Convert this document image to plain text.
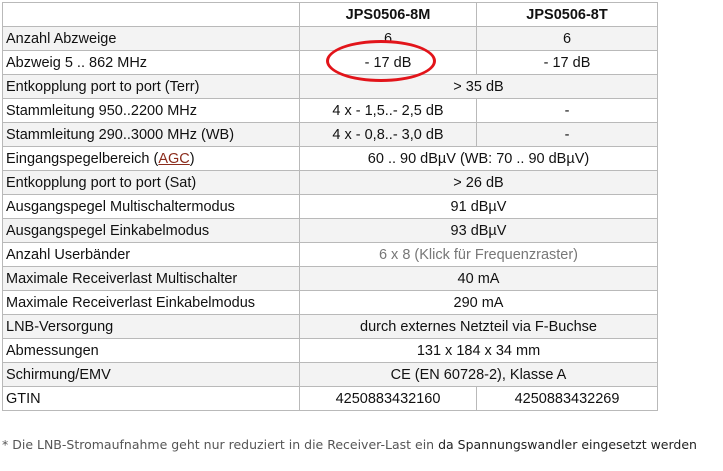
	JPS0506-8M	JPS0506-8T
Anzahl Abzweige	6	6
Abzweig 5 .. 862 MHz	- 17 dB	- 17 dB
Entkopplung port to port (Terr)	> 35 dB	
Stammleitung 950..2200 MHz	4 x - 1,5..- 2,5 dB	-
Stammleitung 290..3000 MHz (WB)	4 x - 0,8..- 3,0 dB	-
Eingangspegelbereich (AGC)	60 .. 90 dBµV (WB: 70 .. 90 dBµV)	
Entkopplung port to port (Sat)	> 26 dB	
Ausgangspegel Multischaltermodus	91 dBµV	
Ausgangspegel Einkabelmodus	93 dBµV	
Anzahl Userbänder	6 x 8 (Klick für Frequenzraster)	
Maximale Receiverlast Multischalter	40 mA	
Maximale Receiverlast Einkabelmodus	290 mA	
LNB-Versorgung	durch externes Netzteil via F-Buchse	
Abmessungen	131 x 184 x 34 mm	
Schirmung/EMV	CE (EN 60728-2), Klasse A	
GTIN	4250883432160	4250883432269
* Die LNB-Stromaufnahme geht nur reduziert in die Receiver-Last ein da Spannungswandler eingesetzt werden
